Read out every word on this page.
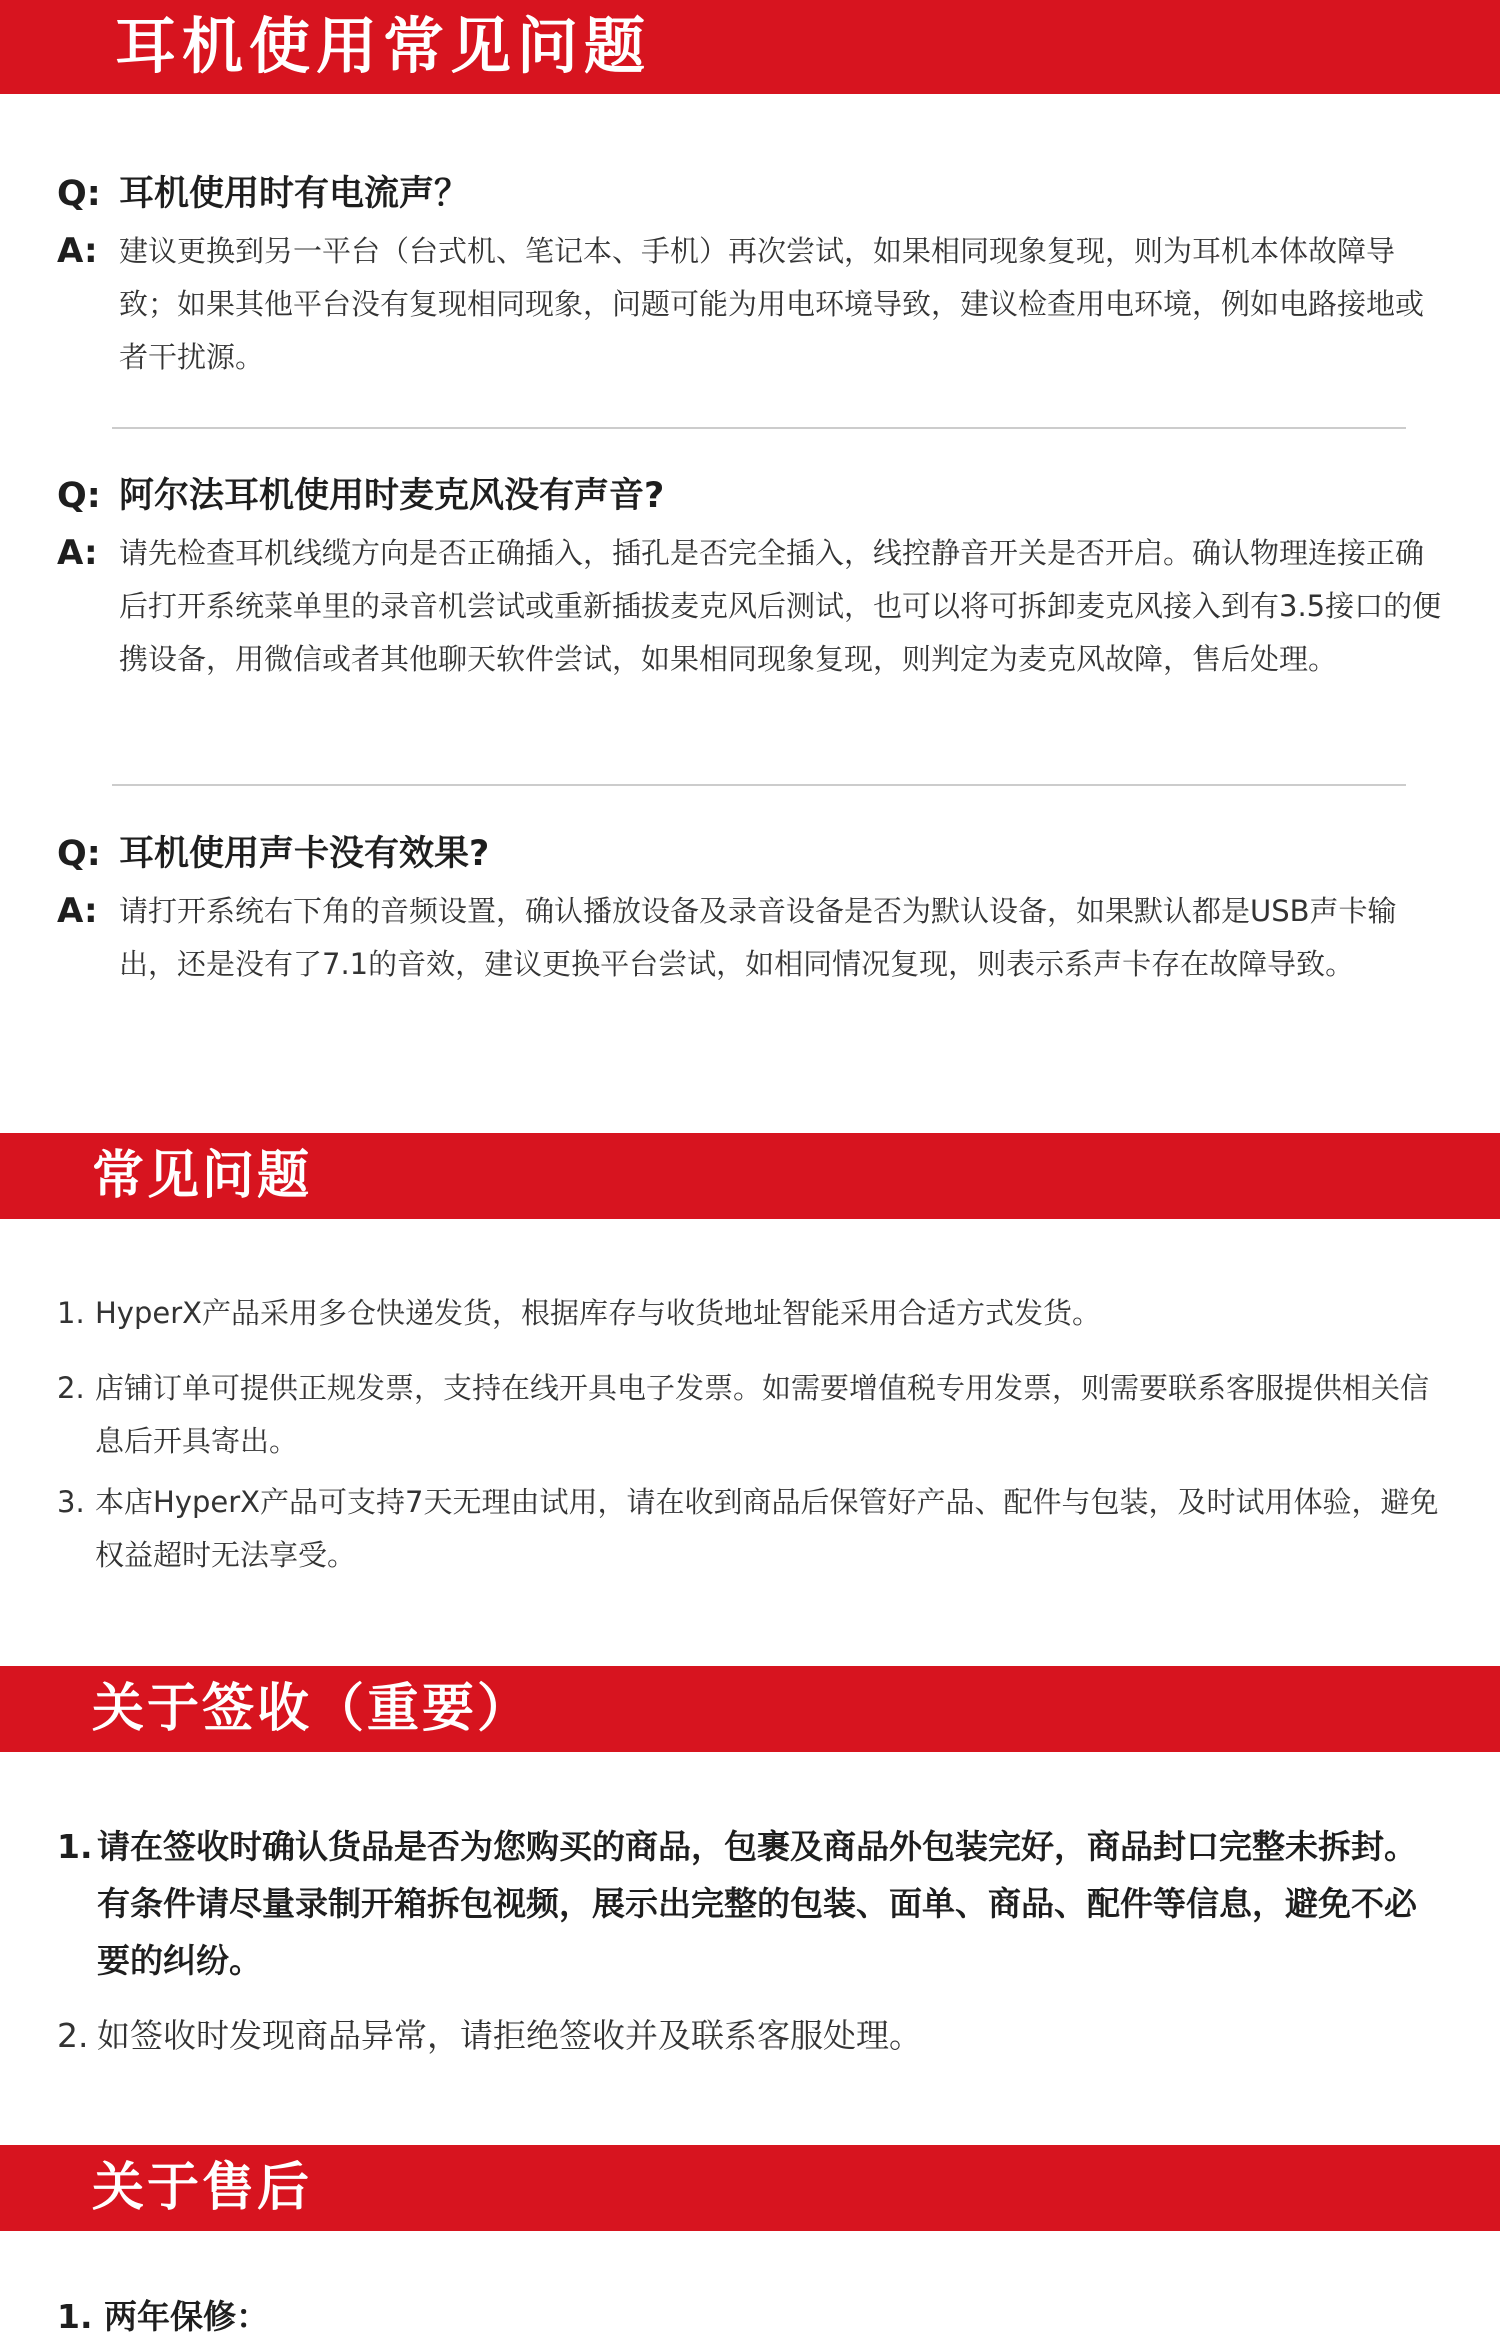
耳机使用常见问题
Q: 耳机使用时有电流声？
A: 建议更换到另一平台（台式机、笔记本、手机）再次尝试，如果相同现象复现，则为耳机本体故障导致；如果其他平台没有复现相同现象，问题可能为用电环境导致，建议检查用电环境，例如电路接地或者干扰源。
Q: 阿尔法耳机使用时麦克风没有声音?
A: 请先检查耳机线缆方向是否正确插入，插孔是否完全插入，线控静音开关是否开启。确认物理连接正确后打开系统菜单里的录音机尝试或重新插拔麦克风后测试，也可以将可拆卸麦克风接入到有3.5接口的便携设备，用微信或者其他聊天软件尝试，如果相同现象复现，则判定为麦克风故障，售后处理。
Q: 耳机使用声卡没有效果?
A: 请打开系统右下角的音频设置，确认播放设备及录音设备是否为默认设备，如果默认都是USB声卡输出，还是没有了7.1的音效，建议更换平台尝试，如相同情况复现，则表示系声卡存在故障导致。
常见问题
1. HyperX产品采用多仓快递发货，根据库存与收货地址智能采用合适方式发货。
2. 店铺订单可提供正规发票，支持在线开具电子发票。如需要增值税专用发票，则需要联系客服提供相关信息后开具寄出。
3. 本店HyperX产品可支持7天无理由试用，请在收到商品后保管好产品、配件与包装，及时试用体验，避免权益超时无法享受。
关于签收（重要）
1. 请在签收时确认货品是否为您购买的商品，包裹及商品外包装完好，商品封口完整未拆封。有条件请尽量录制开箱拆包视频，展示出完整的包装、面单、商品、配件等信息，避免不必要的纠纷。
2. 如签收时发现商品异常，请拒绝签收并及联系客服处理。
关于售后
1. 两年保修：
